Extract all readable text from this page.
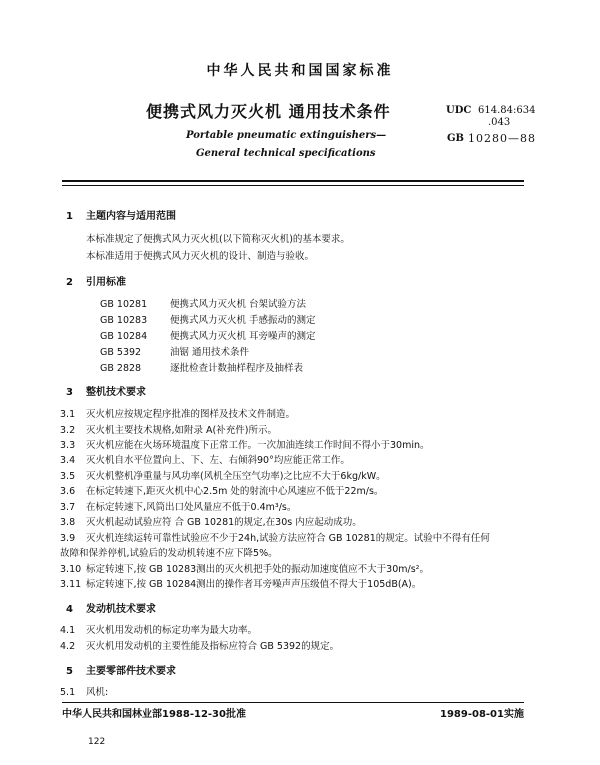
中华人民共和国国家标准
便携式风力灭火机 通用技术条件
Portable pneumatic extinguishers—
General technical specifications
UDC 614.84:634
.043
GB 10280—88
1 主题内容与适用范围
本标准规定了便携式风力灭火机(以下简称灭火机)的基本要求。
本标准适用于便携式风力灭火机的设计、制造与验收。
2 引用标准
GB 10281 便携式风力灭火机 台架试验方法
GB 10283 便携式风力灭火机 手感振动的测定
GB 10284 便携式风力灭火机 耳旁噪声的测定
GB 5392	油锯 通用技术条件
GB 2828	逐批检查计数抽样程序及抽样表
3 整机技术要求
3.1 灭火机应按规定程序批准的图样及技术文件制造。
3.2 灭火机主要技术规格,如附录 A(补充件)所示。
3.3 灭火机应能在火场环境温度下正常工作。一次加油连续工作时间不得小于30min。
3.4 灭火机自水平位置向上、下、左、右倾斜90°均应能正常工作。
3.5 灭火机整机净重量与风功率(风机全压空气功率)之比应不大于6kg/kW。
3.6 在标定转速下,距灭火机中心2.5m 处的射流中心风速应不低于22m/s。
3.7 在标定转速下,风筒出口处风量应不低于0.4m³/s。
3.8 灭火机起动试验应符 合 GB 10281的规定,在30s 内应起动成功。
3.9 灭火机连续运转可靠性试验应不少于24h,试验方法应符合 GB 10281的规定。试验中不得有任何
故障和保养停机,试验后的发动机转速不应下降5%。
3.10 标定转速下,按 GB 10283测出的灭火机把手处的振动加速度值应不大于30m/s²。
3.11 标定转速下,按 GB 10284测出的操作者耳旁噪声声压级值不得大于105dB(A)。
4 发动机技术要求
4.1 灭火机用发动机的标定功率为最大功率。
4.2 灭火机用发动机的主要性能及指标应符合 GB 5392的规定。
5 主要零部件技术要求
5.1 风机:
中华人民共和国林业部1988-12-30批准	1989-08-01实施
122
